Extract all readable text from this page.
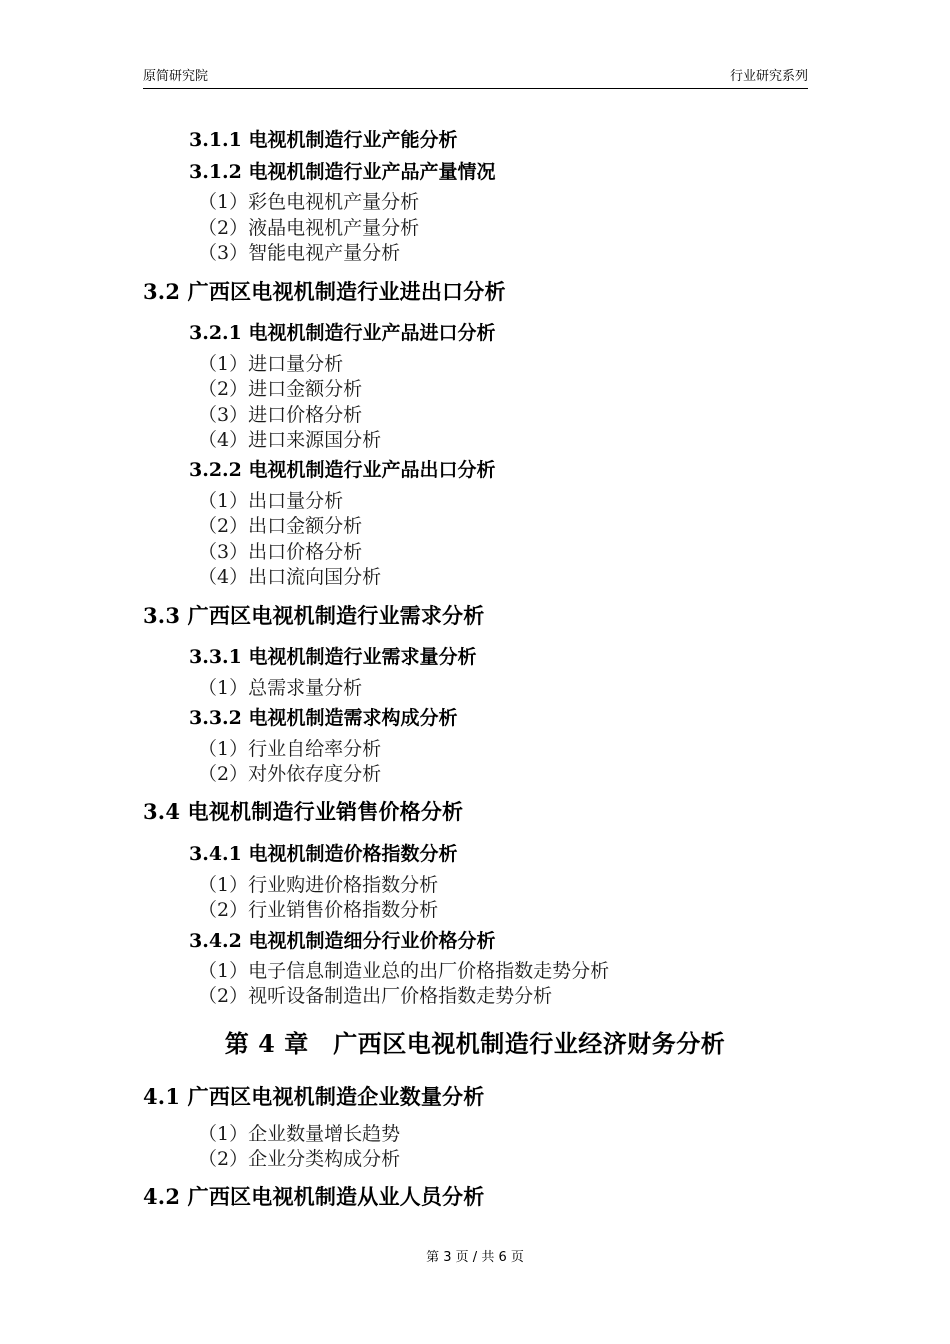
原简研究院	行业研究系列
3.1.1 电视机制造行业产能分析
3.1.2 电视机制造行业产品产量情况
（1）彩色电视机产量分析
（2）液晶电视机产量分析
（3）智能电视产量分析
3.2 广西区电视机制造行业进出口分析
3.2.1 电视机制造行业产品进口分析
（1）进口量分析
（2）进口金额分析
（3）进口价格分析
（4）进口来源国分析
3.2.2 电视机制造行业产品出口分析
（1）出口量分析
（2）出口金额分析
（3）出口价格分析
（4）出口流向国分析
3.3 广西区电视机制造行业需求分析
3.3.1 电视机制造行业需求量分析
（1）总需求量分析
3.3.2 电视机制造需求构成分析
（1）行业自给率分析
（2）对外依存度分析
3.4 电视机制造行业销售价格分析
3.4.1 电视机制造价格指数分析
（1）行业购进价格指数分析
（2）行业销售价格指数分析
3.4.2 电视机制造细分行业价格分析
（1）电子信息制造业总的出厂价格指数走势分析
（2）视听设备制造出厂价格指数走势分析
第 4 章　广西区电视机制造行业经济财务分析
4.1 广西区电视机制造企业数量分析
（1）企业数量增长趋势
（2）企业分类构成分析
4.2 广西区电视机制造从业人员分析
第 3 页 / 共 6 页
